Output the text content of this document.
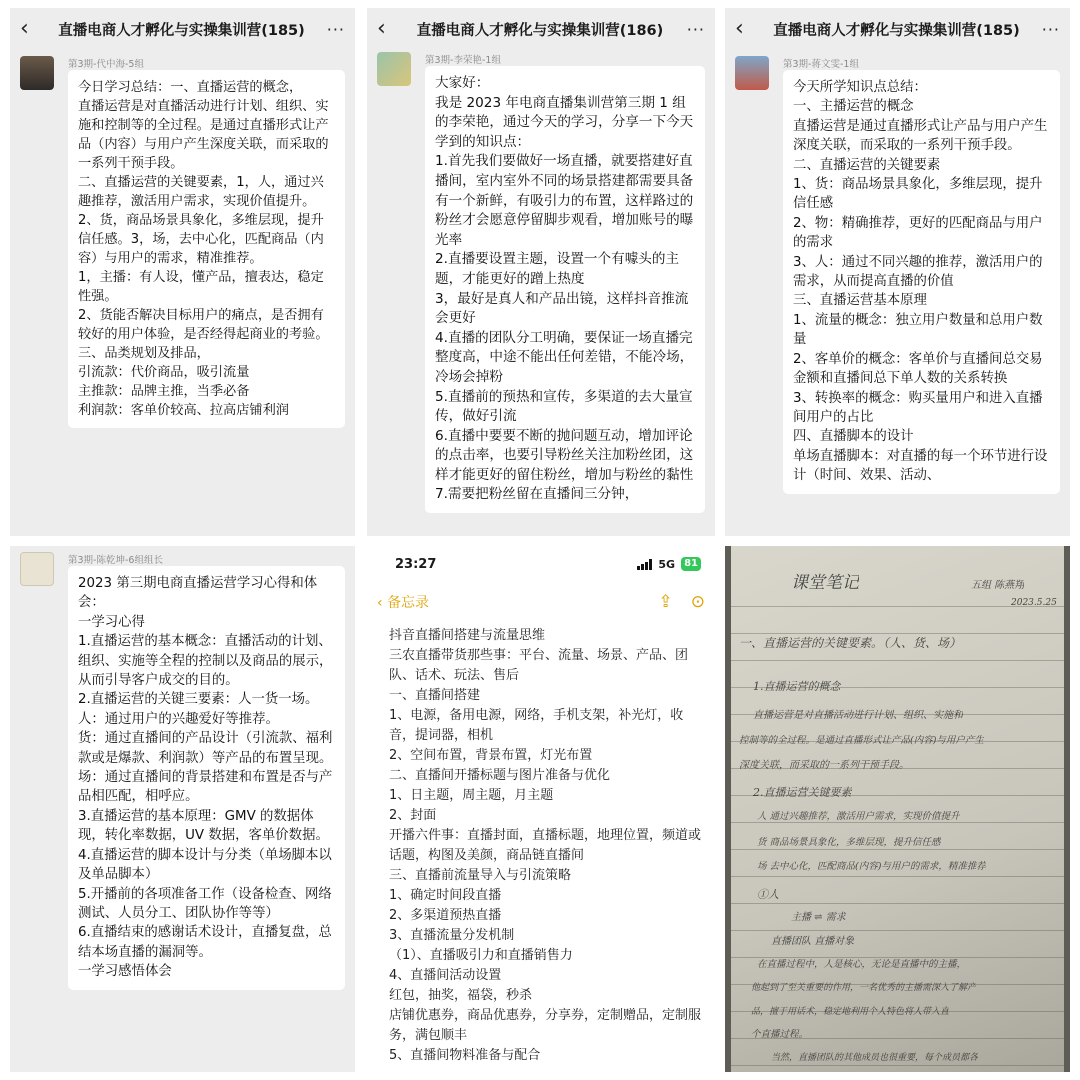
‹	直播电商人才孵化与实操集训营(185)	···
第3期-代中海-5组

今日学习总结：一、直播运营的概念，
直播运营是对直播活动进行计划、组织、实施和控制等的全过程。是通过直播形式让产品（内容）与用户产生深度关联，而采取的一系列干预手段。
二、直播运营的关键要素，1，人，通过兴趣推荐，激活用户需求，实现价值提升。2、货，商品场景具象化，多维层现，提升信任感。3，场，去中心化，匹配商品（内容）与用户的需求，精准推荐。
1，主播：有人设，懂产品，擅表达，稳定性强。
2、货能否解决目标用户的痛点，是否拥有较好的用户体验，是否经得起商业的考验。
三、品类规划及排品，
引流款：代价商品，吸引流量
主推款：品牌主推，当季必备
利润款：客单价较高、拉高店铺利润

‹	直播电商人才孵化与实操集训营(186)	···
第3期-李荣艳-1组

大家好：
我是 2023 年电商直播集训营第三期 1 组的李荣艳，通过今天的学习，分享一下今天学到的知识点：
1.首先我们要做好一场直播，就要搭建好直播间，室内室外不同的场景搭建都需要具备有一个新鲜，有吸引力的布置，这样路过的粉丝才会愿意停留脚步观看，增加账号的曝光率
2.直播要设置主题，设置一个有噱头的主题，才能更好的蹭上热度
3，最好是真人和产品出镜，这样抖音推流会更好
4.直播的团队分工明确，要保证一场直播完整度高，中途不能出任何差错，不能冷场，冷场会掉粉
5.直播前的预热和宣传，多渠道的去大量宣传，做好引流
6.直播中要要不断的抛问题互动，增加评论的点击率，也要引导粉丝关注加粉丝团，这样才能更好的留住粉丝，增加与粉丝的黏性
7.需要把粉丝留在直播间三分钟，

‹	直播电商人才孵化与实操集训营(185)	···
第3期-蒋文雯-1组

今天所学知识点总结：
一、主播运营的概念
直播运营是通过直播形式让产品与用户产生深度关联，而采取的一系列干预手段。
二、直播运营的关键要素
1、货：商品场景具象化，多维层现，提升信任感
2、物：精确推荐，更好的匹配商品与用户的需求
3、人：通过不同兴趣的推荐，激活用户的需求，从而提高直播的价值
三、直播运营基本原理
1、流量的概念：独立用户数量和总用户数量
2、客单价的概念：客单价与直播间总交易金额和直播间总下单人数的关系转换
3、转换率的概念：购买量用户和进入直播间用户的占比
四、直播脚本的设计
单场直播脚本：对直播的每一个环节进行设计（时间、效果、活动、

第3期-陈乾坤-6组组长

2023 第三期电商直播运营学习心得和体会：
一学习心得
1.直播运营的基本概念：直播活动的计划、组织、实施等全程的控制以及商品的展示，从而引导客户成交的目的。
2.直播运营的关键三要素：人一货一场。
人：通过用户的兴趣爱好等推荐。
货：通过直播间的产品设计（引流款、福利款或是爆款、利润款）等产品的布置呈现。
场：通过直播间的背景搭建和布置是否与产品相匹配，相呼应。
3.直播运营的基本原理：GMV 的数据体现，转化率数据，UV 数据，客单价数据。
4.直播运营的脚本设计与分类（单场脚本以及单品脚本）
5.开播前的各项准备工作（设备检查、网络测试、人员分工、团队协作等等）
6.直播结束的感谢话术设计，直播复盘，总结本场直播的漏洞等。
一学习感悟体会

23:27	5G 81
‹ 备忘录	⇪ ⊙

抖音直播间搭建与流量思维

三农直播带货那些事：平台、流量、场景、产品、团队、话术、玩法、售后

一、直播间搭建

1、电源，备用电源，网络，手机支架，补光灯，收音，提词器，相机

2、空间布置，背景布置，灯光布置

二、直播间开播标题与图片准备与优化

1、日主题，周主题，月主题

2、封面

开播六件事：直播封面，直播标题，地理位置，频道或话题，构图及美颜，商品链直播间

三、直播前流量导入与引流策略

1、确定时间段直播

2、多渠道预热直播

3、直播流量分发机制

（1）、直播吸引力和直播销售力

4、直播间活动设置

红包，抽奖，福袋，秒杀

店铺优惠券，商品优惠券，分享券，定制赠品，定制服务，满包顺丰

5、直播间物料准备与配合

课堂笔记	五组 陈燕翔
2023.5.25
一、直播运营的关键要素。（人、货、场）
1.直播运营的概念
直播运营是对直播活动进行计划、组织、实施和
控制等的全过程。是通过直播形式让产品(内容)与用户产生
深度关联，而采取的一系列干预手段。
2.直播运营关键要素
人 通过兴趣推荐，激活用户需求，实现价值提升
货 商品场景具象化，多维层现，提升信任感
场 去中心化，匹配商品(内容)与用户的需求，精准推荐
①人
主播 ⇌ 需求
直播团队 直播对象
在直播过程中，人是核心，无论是直播中的主播，
他起到了至关重要的作用，一名优秀的主播需深入了解产
品，擅于用话术，稳定地利用个人特色将人带入直
个直播过程。
当然，直播团队的其他成员也很重要，每个成员都各
